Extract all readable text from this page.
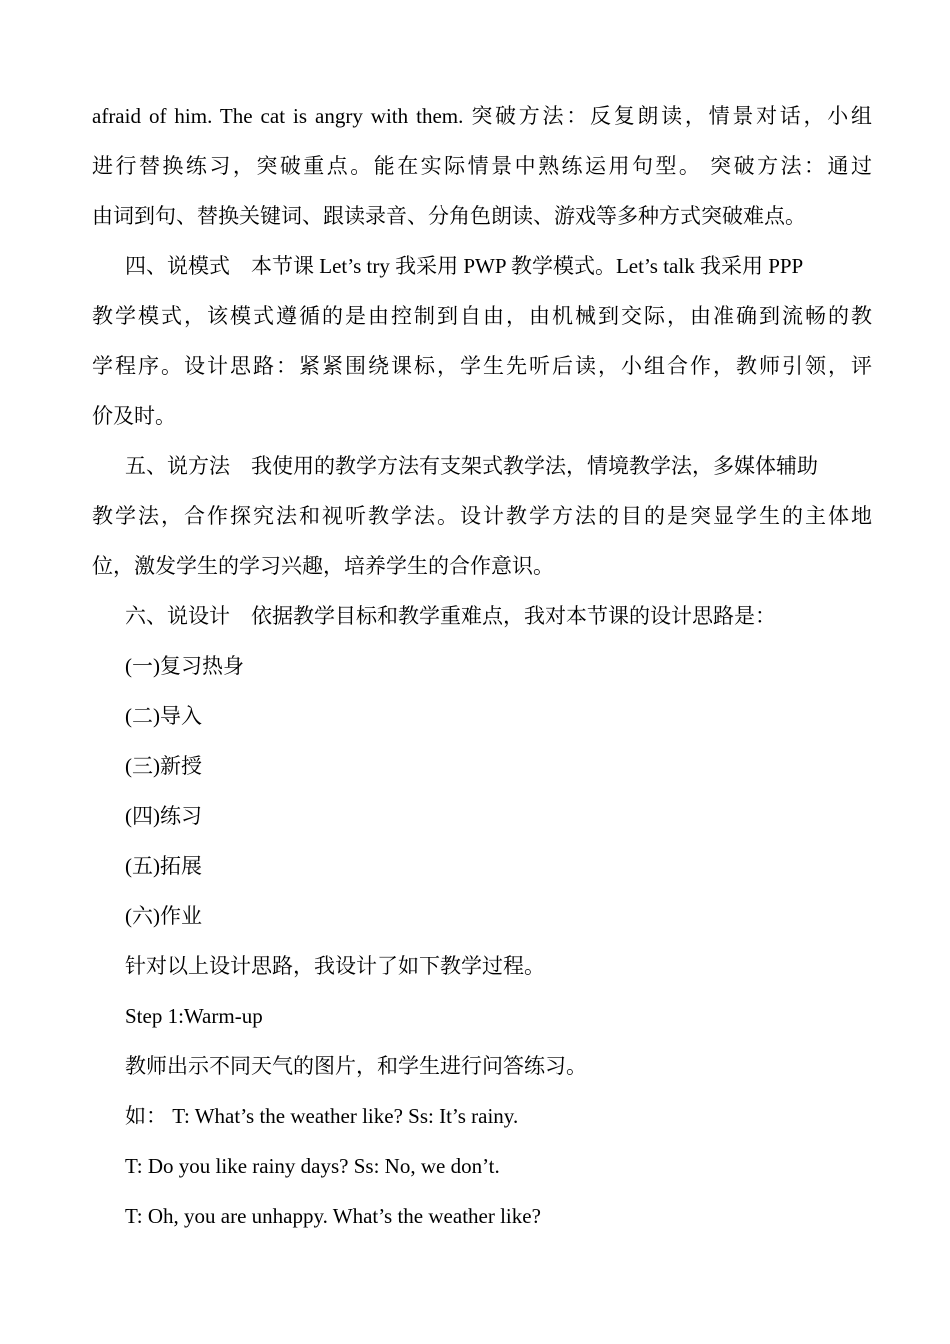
afraid of him. The cat is angry with them. 突破方法：反复朗读，情景对话，小组
进行替换练习，突破重点。能在实际情景中熟练运用句型。 突破方法：通过
由词到句、替换关键词、跟读录音、分角色朗读、游戏等多种方式突破难点。
四、说模式　本节课 Let’s try 我采用 PWP 教学模式。Let’s talk 我采用 PPP
教学模式，该模式遵循的是由控制到自由，由机械到交际，由准确到流畅的教
学程序。设计思路：紧紧围绕课标，学生先听后读，小组合作，教师引领，评
价及时。
五、说方法　我使用的教学方法有支架式教学法，情境教学法，多媒体辅助
教学法，合作探究法和视听教学法。设计教学方法的目的是突显学生的主体地
位，激发学生的学习兴趣，培养学生的合作意识。
六、说设计　依据教学目标和教学重难点，我对本节课的设计思路是：
(一)复习热身
(二)导入
(三)新授
(四)练习
(五)拓展
(六)作业
针对以上设计思路，我设计了如下教学过程。
Step 1:Warm-up
教师出示不同天气的图片，和学生进行问答练习。
如： T: What’s the weather like? Ss: It’s rainy.
T: Do you like rainy days? Ss: No, we don’t.
T: Oh, you are unhappy. What’s the weather like?
